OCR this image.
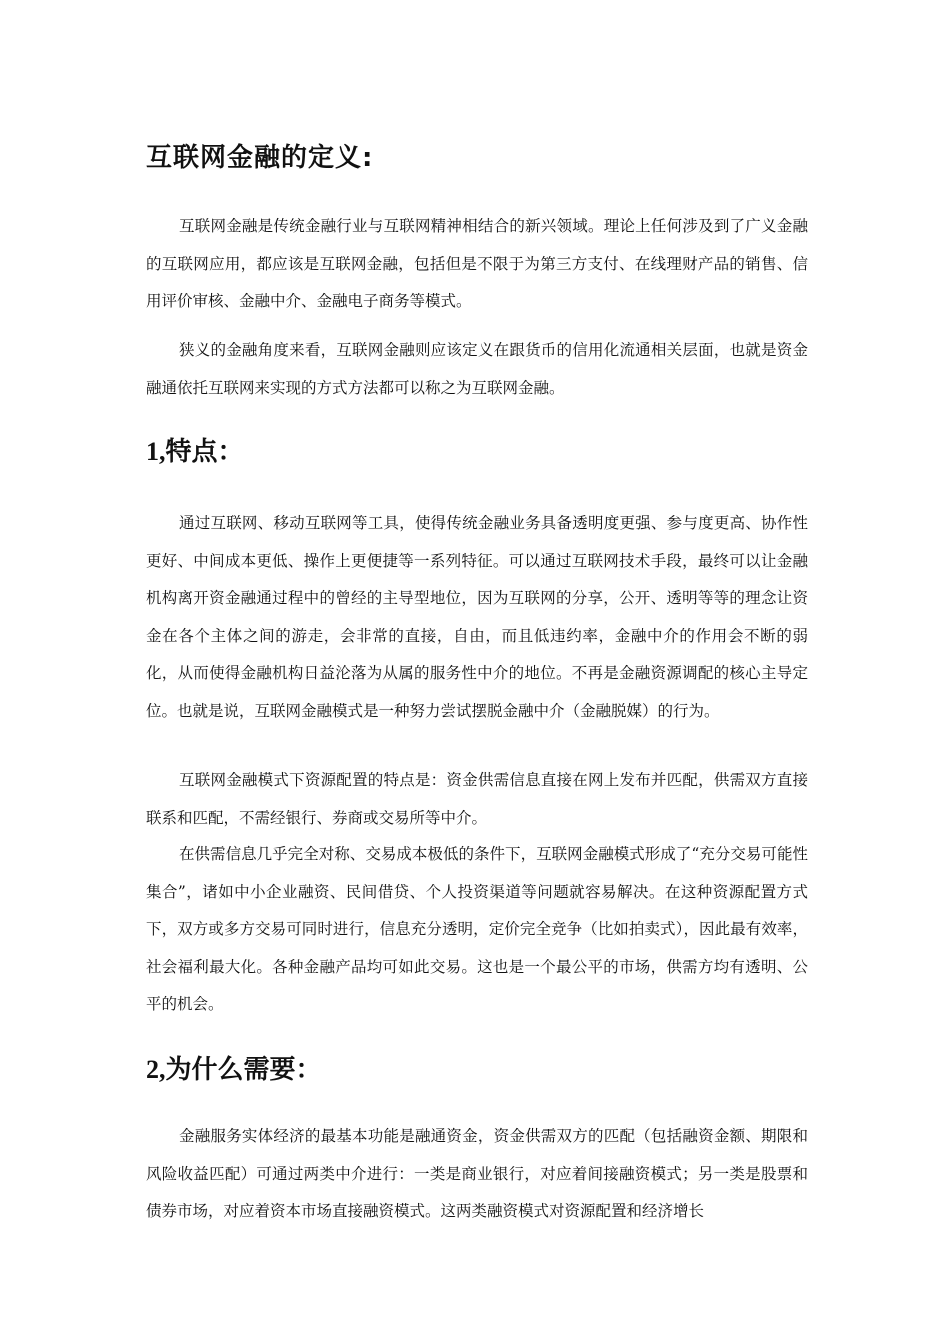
互联网金融的定义:

互联网金融是传统金融行业与互联网精神相结合的新兴领域。理论上任何涉及到了广义金融的互联网应用，都应该是互联网金融，包括但是不限于为第三方支付、在线理财产品的销售、信用评价审核、金融中介、金融电子商务等模式。

狭义的金融角度来看，互联网金融则应该定义在跟货币的信用化流通相关层面，也就是资金融通依托互联网来实现的方式方法都可以称之为互联网金融。

1,特点：

通过互联网、移动互联网等工具，使得传统金融业务具备透明度更强、参与度更高、协作性更好、中间成本更低、操作上更便捷等一系列特征。可以通过互联网技术手段，最终可以让金融机构离开资金融通过程中的曾经的主导型地位，因为互联网的分享，公开、透明等等的理念让资金在各个主体之间的游走，会非常的直接，自由，而且低违约率，金融中介的作用会不断的弱化，从而使得金融机构日益沦落为从属的服务性中介的地位。不再是金融资源调配的核心主导定位。也就是说，互联网金融模式是一种努力尝试摆脱金融中介（金融脱媒）的行为。

互联网金融模式下资源配置的特点是：资金供需信息直接在网上发布并匹配，供需双方直接联系和匹配，不需经银行、券商或交易所等中介。

在供需信息几乎完全对称、交易成本极低的条件下，互联网金融模式形成了“充分交易可能性集合”，诸如中小企业融资、民间借贷、个人投资渠道等问题就容易解决。在这种资源配置方式下，双方或多方交易可同时进行，信息充分透明，定价完全竞争（比如拍卖式），因此最有效率，社会福利最大化。各种金融产品均可如此交易。这也是一个最公平的市场，供需方均有透明、公平的机会。

2,为什么需要：

金融服务实体经济的最基本功能是融通资金，资金供需双方的匹配（包括融资金额、期限和风险收益匹配）可通过两类中介进行：一类是商业银行，对应着间接融资模式；另一类是股票和债券市场，对应着资本市场直接融资模式。这两类融资模式对资源配置和经济增长
